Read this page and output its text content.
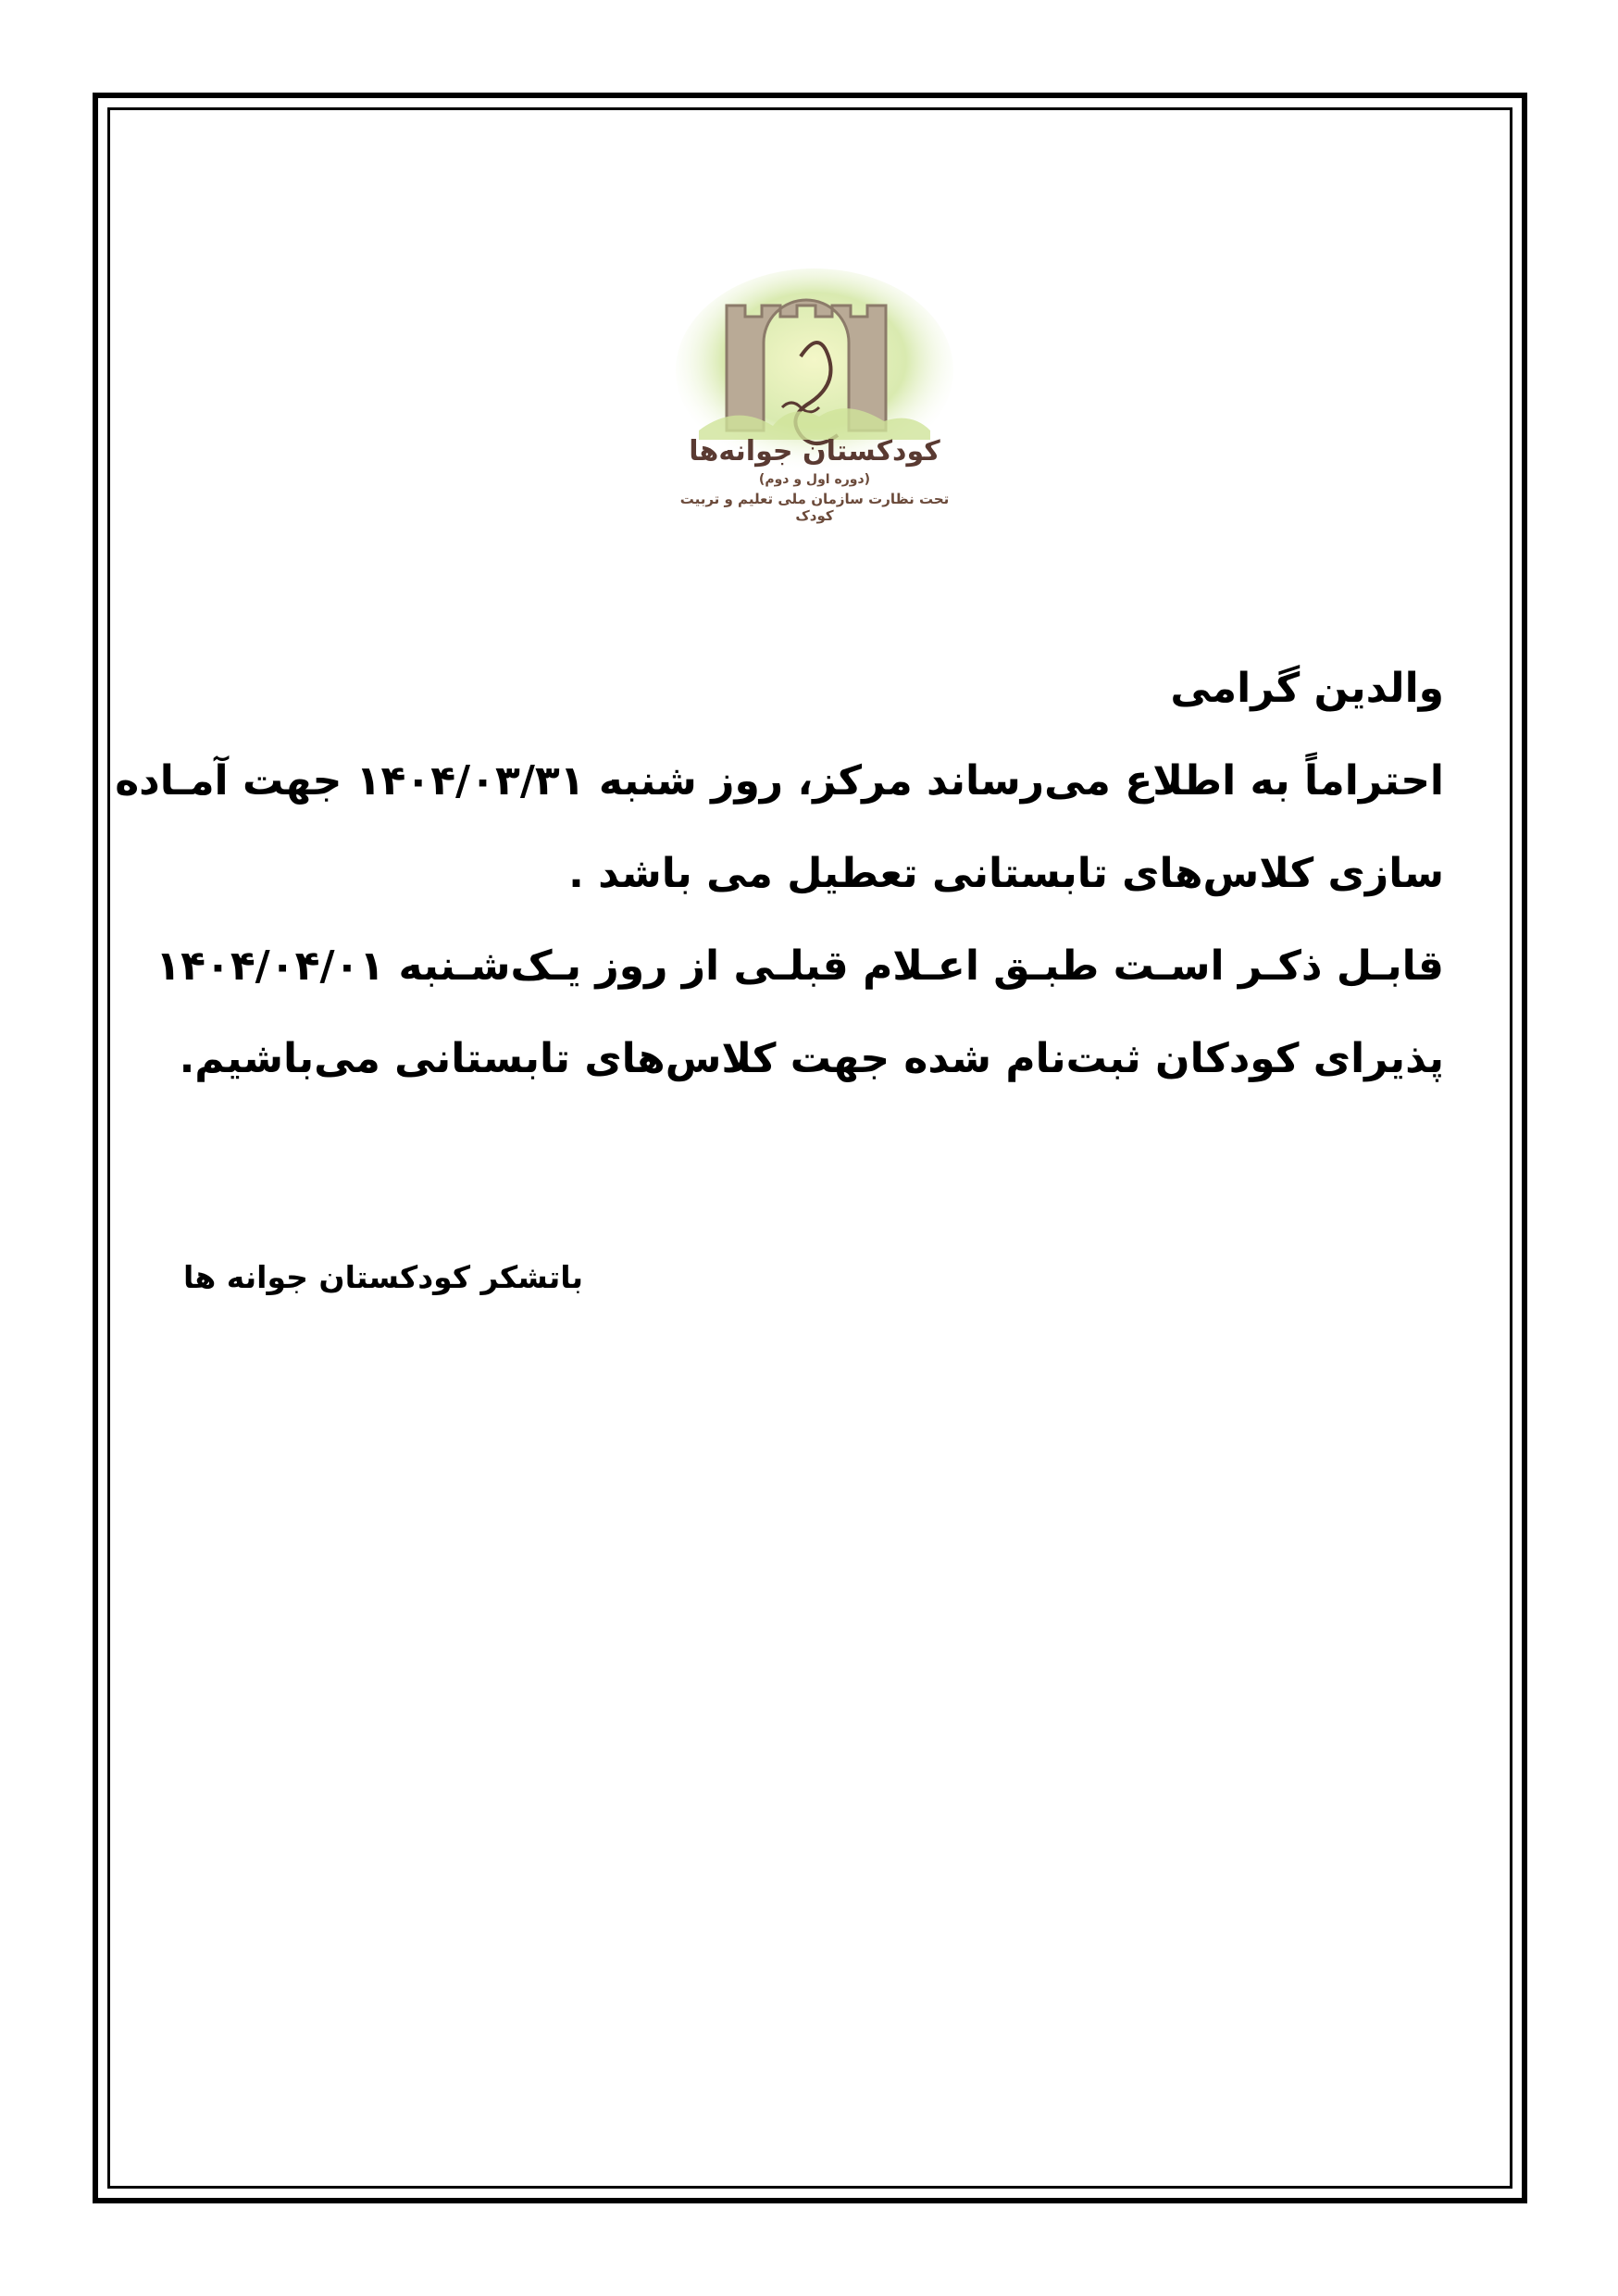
کودکستان جوانه‌ها
(دوره اول و دوم)
تحت نظارت سازمان ملی تعلیم و تربیت کودک
والدین گرامی
احتراماً به اطلاع می‌رساند مرکز، روز شنبه ۱۴۰۴/۰۳/۳۱ جهت آمـاده
سازی کلاس‌های تابستانی تعطیل می باشد .
قابـل ذکـر اسـت طبـق اعـلام قبلـی از روز یـک‌شـنبه ۱۴۰۴/۰۴/۰۱
پذیرای کودکان ثبت‌نام شده جهت کلاس‌های تابستانی می‌باشیم.
باتشکر کودکستان جوانه ها
